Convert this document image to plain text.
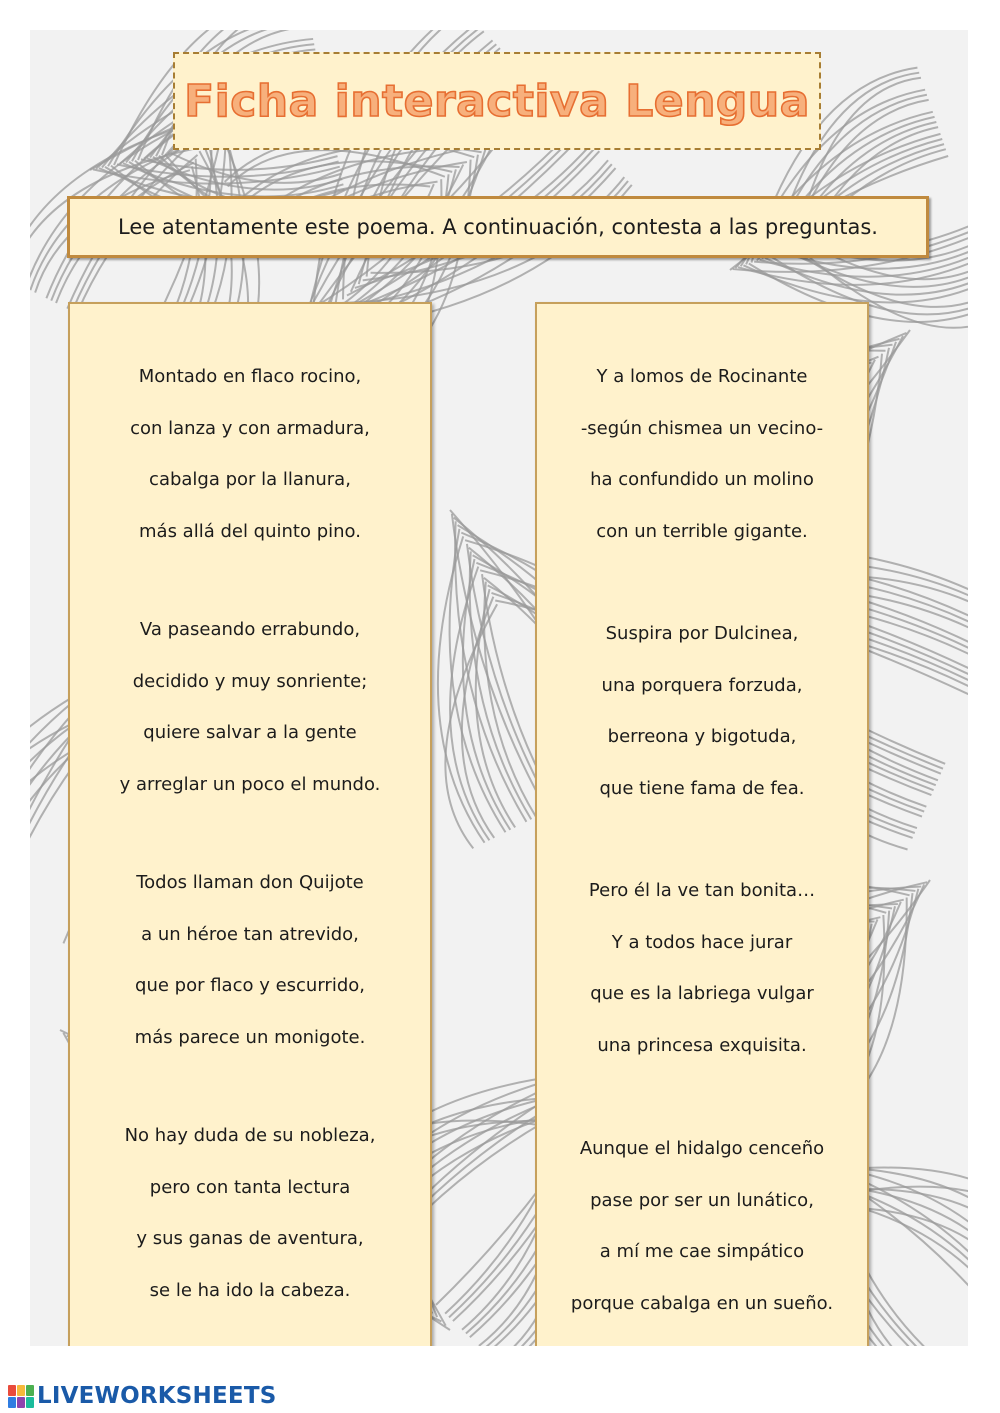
Ficha interactiva Lengua
Lee atentamente este poema. A continuación, contesta a las preguntas.
Montado en flaco rocino,
con lanza y con armadura,
cabalga por la llanura,
más allá del quinto pino.
Va paseando errabundo,
decidido y muy sonriente;
quiere salvar a la gente
y arreglar un poco el mundo.
Todos llaman don Quijote
a un héroe tan atrevido,
que por flaco y escurrido,
más parece un monigote.
No hay duda de su nobleza,
pero con tanta lectura
y sus ganas de aventura,
se le ha ido la cabeza.
Y a lomos de Rocinante
-según chismea un vecino-
ha confundido un molino
con un terrible gigante.
Suspira por Dulcinea,
una porquera forzuda,
berreona y bigotuda,
que tiene fama de fea.
Pero él la ve tan bonita…
Y a todos hace jurar
que es la labriega vulgar
una princesa exquisita.
Aunque el hidalgo cenceño
pase por ser un lunático,
a mí me cae simpático
porque cabalga en un sueño.
LIVEWORKSHEETS
